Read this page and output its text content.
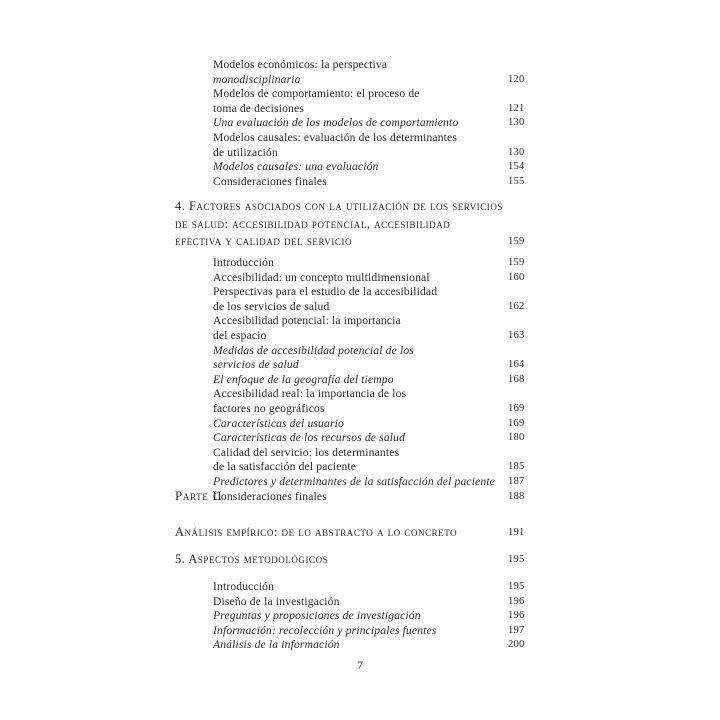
Modelos económicos: la perspectiva
monodisciplinaria	120
Modelos de comportamiento: el proceso de
toma de decisiones	121
Una evaluación de los modelos de comportamiento	130
Modelos causales: evaluación de los determinantes
de utilización	130
Modelos causales: una evaluación	154
Consideraciones finales	155
4. Factores asociados con la utilización de los servicios
de salud: accesibilidad potencial, accesibilidad
efectiva y calidad del servicio	159
Introducción	159
Accesibilidad: un concepto multidimensional	160
Perspectivas para el estudio de la accesibilidad
de los servicios de salud	162
Accesibilidad potencial: la importancia
del espacio	163
Medidas de accesibilidad potencial de los
servicios de salud	164
El enfoque de la geografía del tiempo	168
Accesibilidad real: la importancia de los
factores no geográficos	169
Características del usuario	169
Características de los recursos de salud	180
Calidad del servicio: los determinantes
de la satisfacción del paciente	185
Predictores y determinantes de la satisfacción del paciente 187
Consideraciones finales	188
Parte II
Análisis empírico: de lo abstracto a lo concreto	191
5. Aspectos metodológicos	195
Introducción	195
Diseño de la investigación	196
Preguntas y proposiciones de investigación	196
Información: recolección y principales fuentes	197
Análisis de la información	200
7
